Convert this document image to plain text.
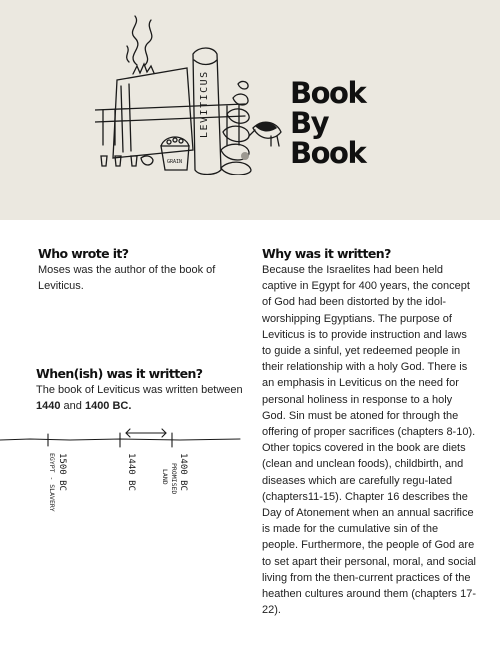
LEVITICUS
GRAIN
Book
By
Book
Who wrote it?

Moses was the author of the book of Leviticus.

When(ish) was it written?

The book of Leviticus was written between 1440 and 1400 BC.

1500 BC
EGYPT - SLAVERY	1440 BC	1400 BC
PROMISED
LAND
Why was it written?

Because the Israelites had been held captive in Egypt for 400 years, the concept of God had been distorted by the idol-worshipping Egyptians. The purpose of Leviticus is to provide instruction and laws to guide a sinful, yet redeemed people in their relationship with a holy God. There is an emphasis in Leviticus on the need for personal holiness in response to a holy God. Sin must be atoned for through the offering of proper sacrifices (chapters 8-10). Other topics covered in the book are diets (clean and unclean foods), childbirth, and diseases which are carefully regu-lated (chapters11-15). Chapter 16 describes the Day of Atonement when an annual sacrifice is made for the cumulative sin of the people. Furthermore, the people of God are to set apart their personal, moral, and social living from the then-current practices of the heathen cultures around them (chapters 17-22).
